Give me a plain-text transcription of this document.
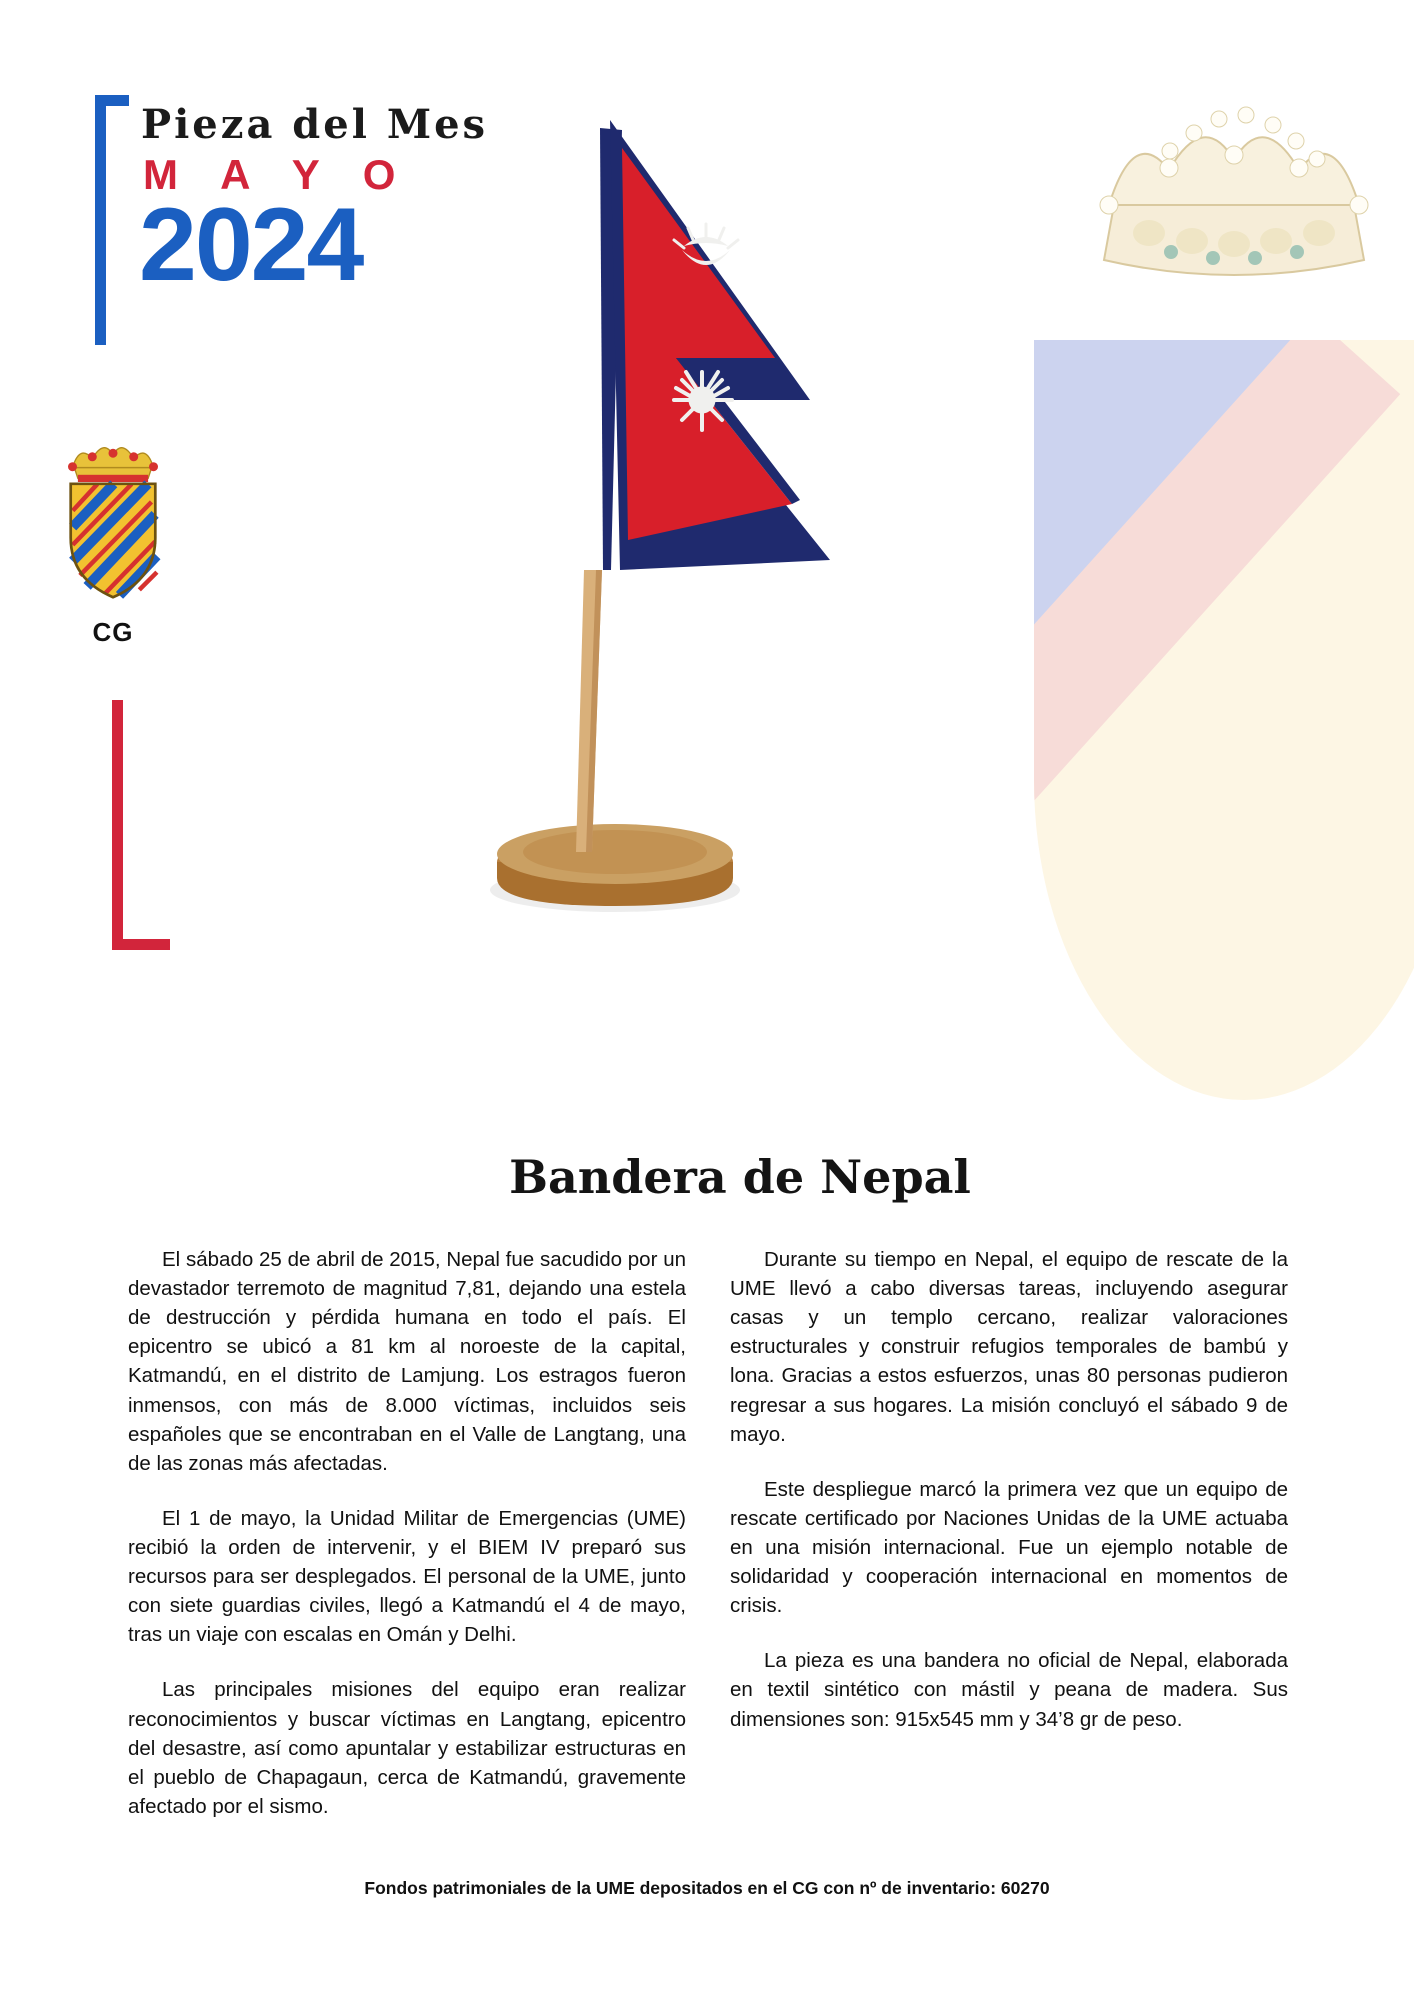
Pieza del Mes
M A Y O
2024
CG
Bandera de Nepal

El sábado 25 de abril de 2015, Nepal fue sacudido por un devastador terremoto de magnitud 7,81, dejando una estela de destrucción y pérdida humana en todo el país. El epicentro se ubicó a 81 km al noroeste de la capital, Katmandú, en el distrito de Lamjung. Los estragos fueron inmensos, con más de 8.000 víctimas, incluidos seis españoles que se encontraban en el Valle de Langtang, una de las zonas más afectadas.

El 1 de mayo, la Unidad Militar de Emergencias (UME) recibió la orden de intervenir, y el BIEM IV preparó sus recursos para ser desplegados. El personal de la UME, junto con siete guardias civiles, llegó a Katmandú el 4 de mayo, tras un viaje con escalas en Omán y Delhi.

Las principales misiones del equipo eran realizar reconocimientos y buscar víctimas en Langtang, epicentro del desastre, así como apuntalar y estabilizar estructuras en el pueblo de Chapagaun, cerca de Katmandú, gravemente afectado por el sismo.

Durante su tiempo en Nepal, el equipo de rescate de la UME llevó a cabo diversas tareas, incluyendo asegurar casas y un templo cercano, realizar valoraciones estructurales y construir refugios temporales de bambú y lona. Gracias a estos esfuerzos, unas 80 personas pudieron regresar a sus hogares. La misión concluyó el sábado 9 de mayo.

Este despliegue marcó la primera vez que un equipo de rescate certificado por Naciones Unidas de la UME actuaba en una misión internacional. Fue un ejemplo notable de solidaridad y cooperación internacional en momentos de crisis.

La pieza es una bandera no oficial de Nepal, elaborada en textil sintético con mástil y peana de madera. Sus dimensiones son: 915x545 mm y 34’8 gr de peso.

Fondos patrimoniales de la UME depositados en el CG con nº de inventario: 60270
